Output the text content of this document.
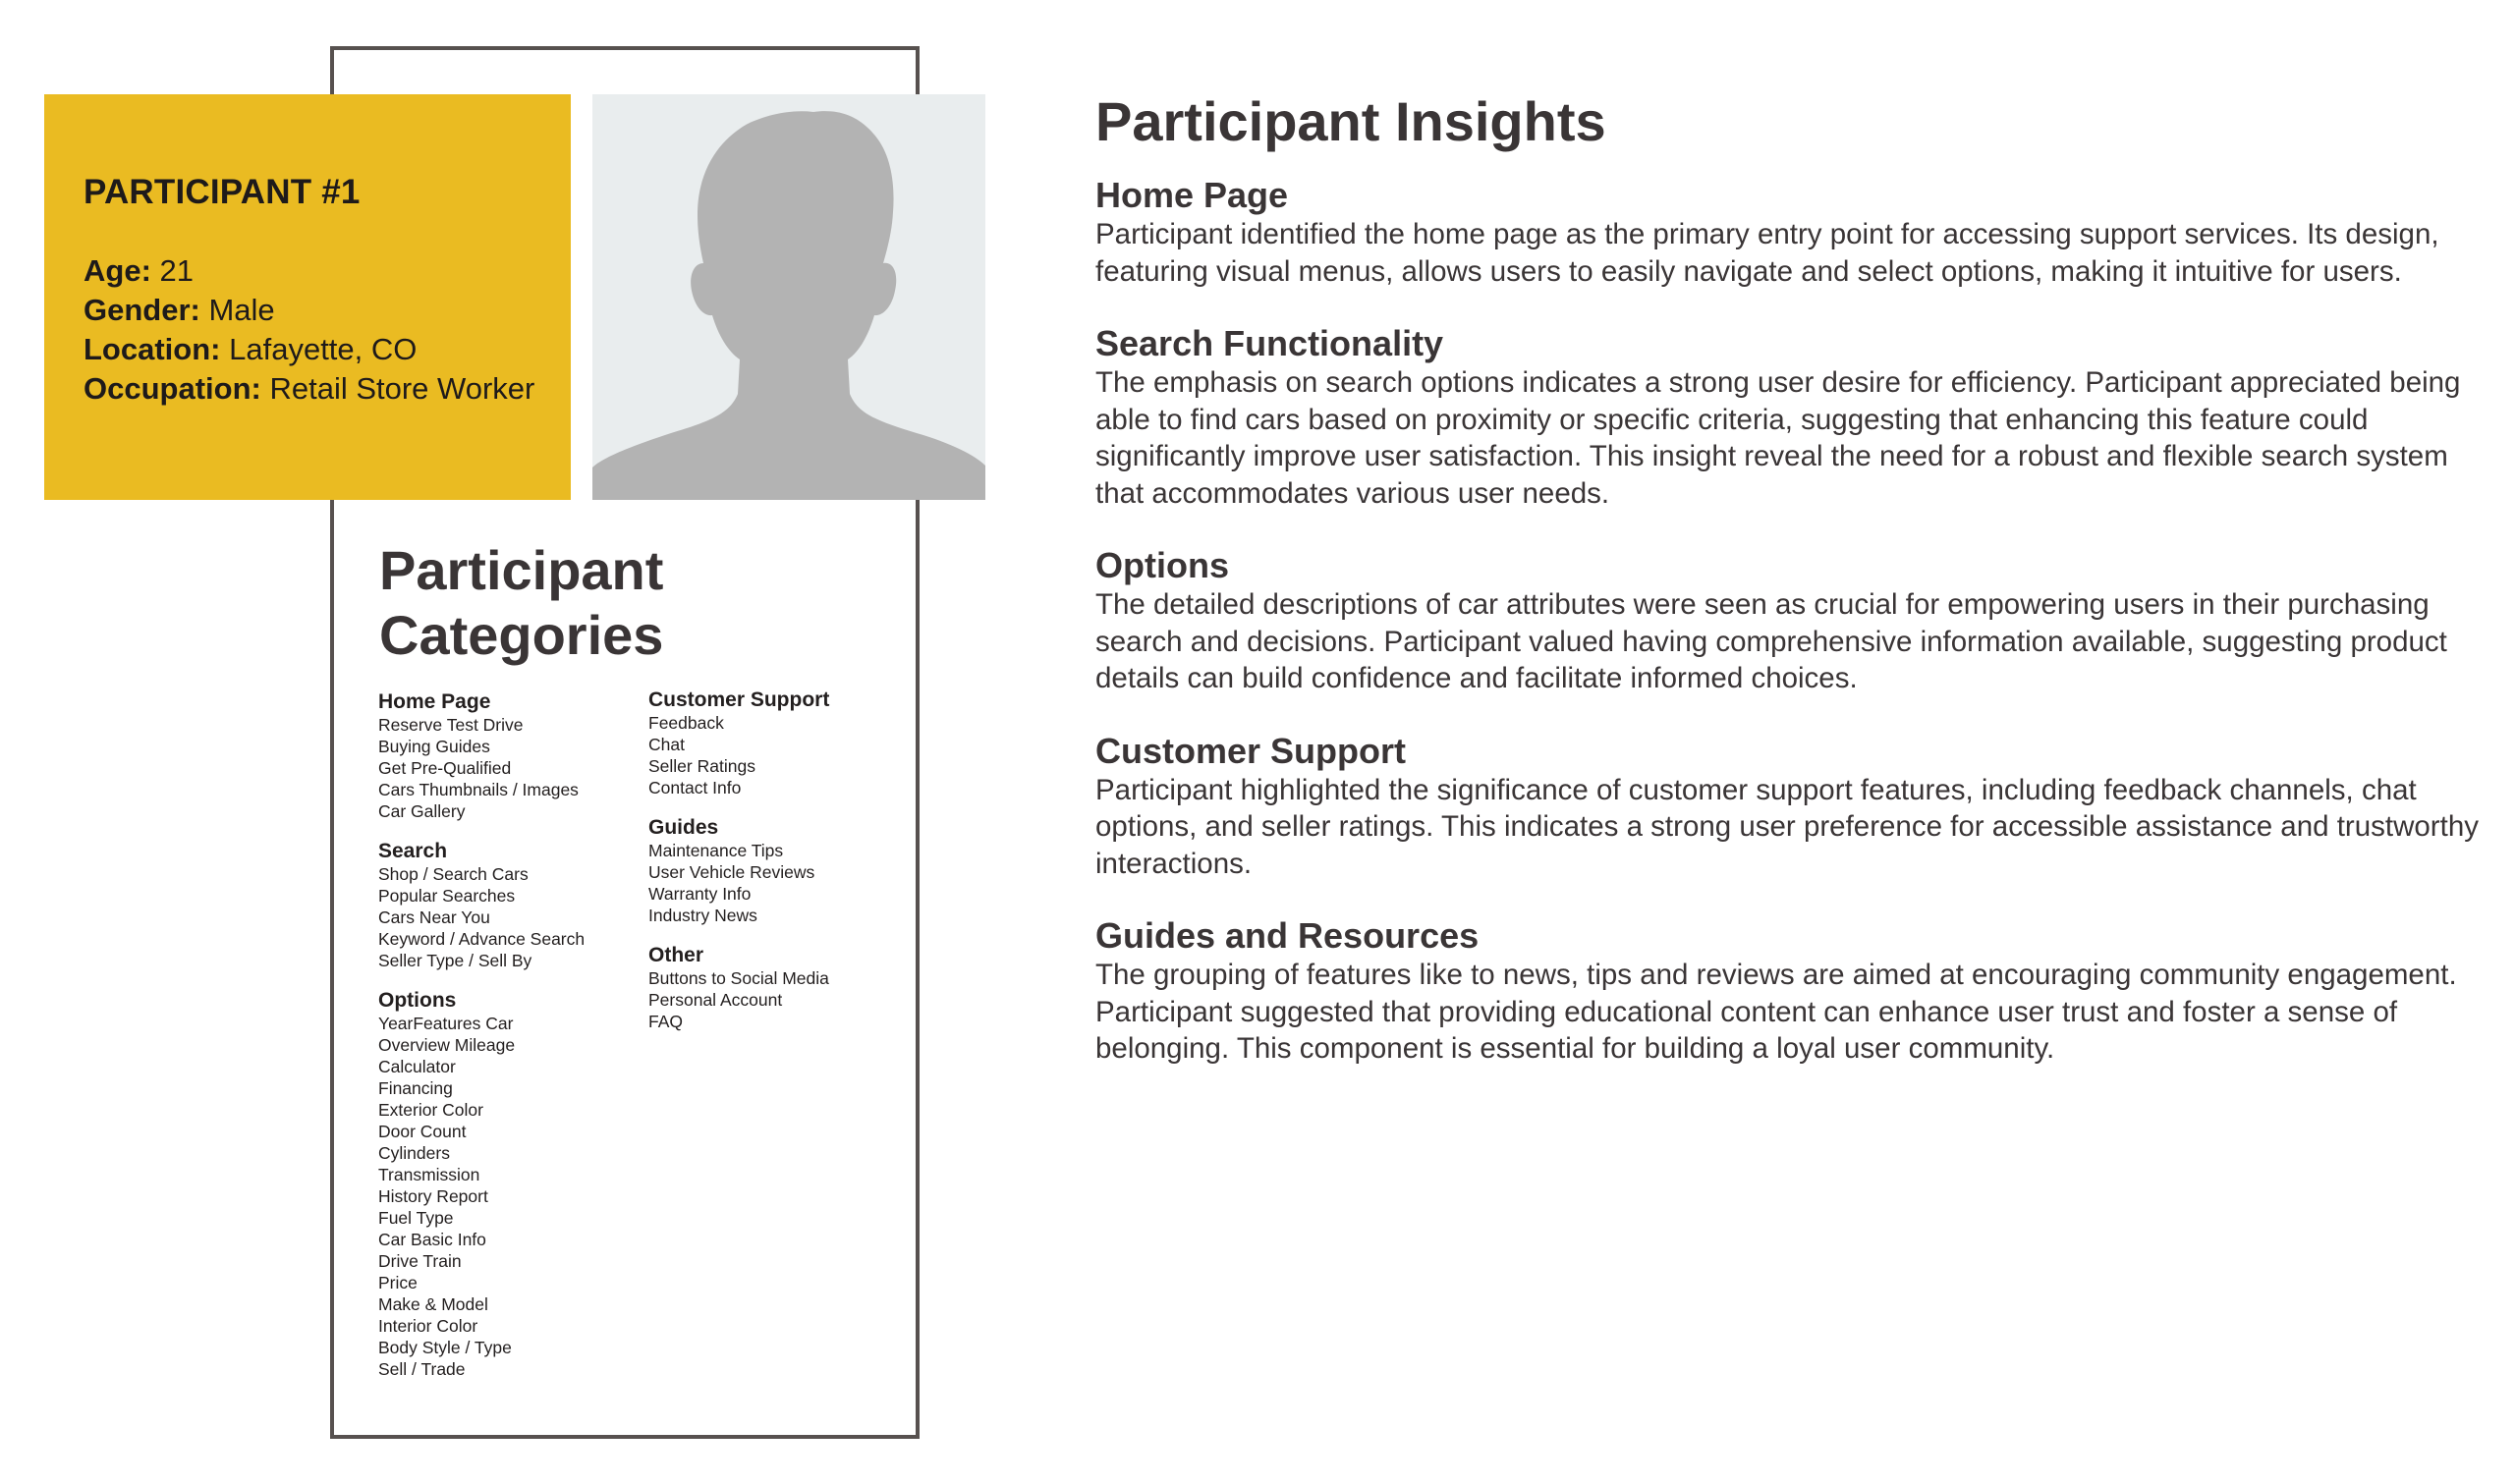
PARTICIPANT #1
Age: 21
Gender: Male
Location: Lafayette, CO
Occupation: Retail Store Worker
Participant
Categories
Home Page
Reserve Test Drive
Buying Guides
Get Pre-Qualified
Cars Thumbnails / Images
Car Gallery
Search
Shop / Search Cars
Popular Searches
Cars Near You
Keyword / Advance Search
Seller Type / Sell By
Options
YearFeatures Car
Overview Mileage
Calculator
Financing
Exterior Color
Door Count
Cylinders
Transmission
History Report
Fuel Type
Car Basic Info
Drive Train
Price
Make & Model
Interior Color
Body Style / Type
Sell / Trade
Customer Support
Feedback
Chat
Seller Ratings
Contact Info
Guides
Maintenance Tips
User Vehicle Reviews
Warranty Info
Industry News
Other
Buttons to Social Media
Personal Account
FAQ
Participant Insights
Home Page
Participant identified the home page as the primary entry point for accessing support services. Its design, featuring visual menus, allows users to easily navigate and select options, making it intuitive for users.
Search Functionality
The emphasis on search options indicates a strong user desire for efficiency. Participant appreciated being able to find cars based on proximity or specific criteria, suggesting that enhancing this feature could significantly improve user satisfaction. This insight reveal the need for a robust and flexible search system that accommodates various user needs.
Options
The detailed descriptions of car attributes were seen as crucial for empowering users in their purchasing search and decisions. Participant valued having comprehensive information available, suggesting product details can build confidence and facilitate informed choices.
Customer Support
Participant highlighted the significance of customer support features, including feedback channels, chat options, and seller ratings. This indicates a strong user preference for accessible assistance and trustworthy interactions.
Guides and Resources
The grouping of features like to news, tips and reviews are aimed at encouraging community engagement. Participant suggested that providing educational content can enhance user trust and foster a sense of belonging. This component is essential for building a loyal user community.
